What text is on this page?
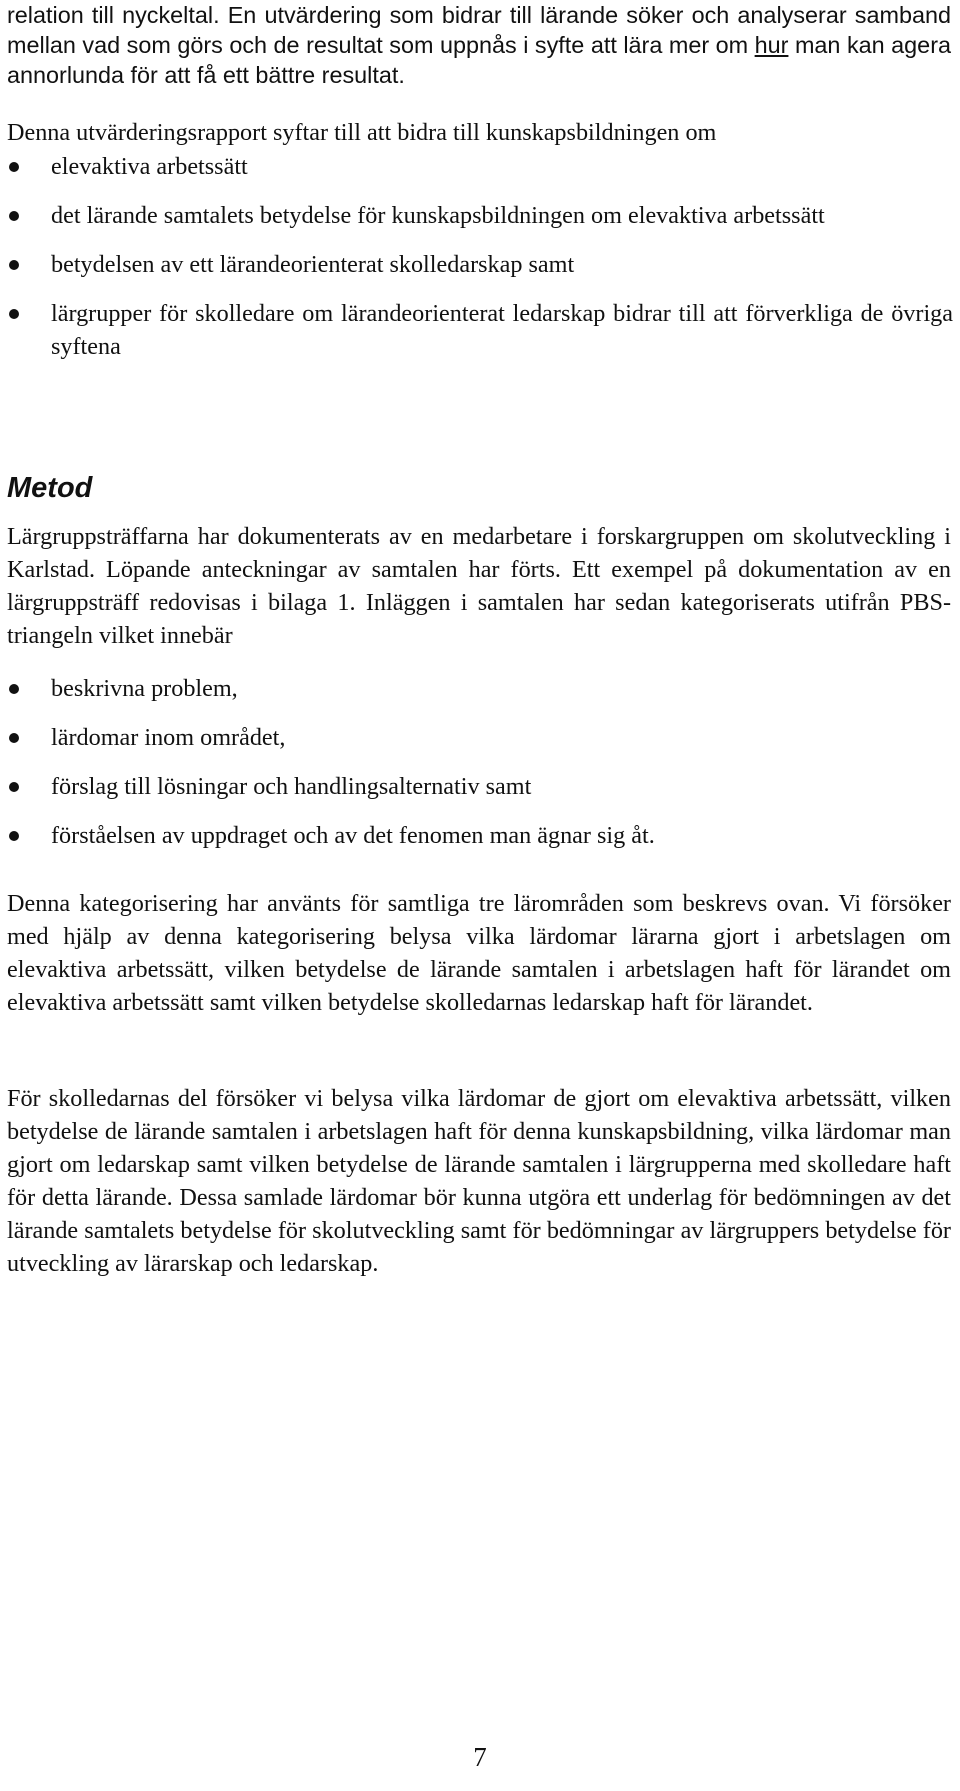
relation till nyckeltal. En utvärdering som bidrar till lärande söker och analyserar samband mellan vad som görs och de resultat som uppnås i syfte att lära mer om hur man kan agera annorlunda för att få ett bättre resultat.

Denna utvärderingsrapport syftar till att bidra till kunskapsbildningen om

elevaktiva arbetssätt
det lärande samtalets betydelse för kunskapsbildningen om elevaktiva arbetssätt
betydelsen av ett lärandeorienterat skolledarskap samt
lärgrupper för skolledare om lärandeorienterat ledarskap bidrar till att förverkliga de övriga syftena
Metod

Lärgruppsträffarna har dokumenterats av en medarbetare i forskargruppen om skolutveckling i Karlstad. Löpande anteckningar av samtalen har förts. Ett exempel på dokumentation av en lärgruppsträff redovisas i bilaga 1. Inläggen i samtalen har sedan kategoriserats utifrån PBS-triangeln vilket innebär

beskrivna problem,
lärdomar inom området,
förslag till lösningar och handlingsalternativ samt
förståelsen av uppdraget och av det fenomen man ägnar sig åt.

Denna kategorisering har använts för samtliga tre lärområden som beskrevs ovan. Vi försöker med hjälp av denna kategorisering belysa vilka lärdomar lärarna gjort i arbetslagen om elevaktiva arbetssätt, vilken betydelse de lärande samtalen i arbetslagen haft för lärandet om elevaktiva arbetssätt samt vilken betydelse skolledarnas ledarskap haft för lärandet.

För skolledarnas del försöker vi belysa vilka lärdomar de gjort om elevaktiva arbetssätt, vilken betydelse de lärande samtalen i arbetslagen haft för denna kunskapsbildning, vilka lärdomar man gjort om ledarskap samt vilken betydelse de lärande samtalen i lärgrupperna med skolledare haft för detta lärande. Dessa samlade lärdomar bör kunna utgöra ett underlag för bedömningen av det lärande samtalets betydelse för skolutveckling samt för bedömningar av lärgruppers betydelse för utveckling av lärarskap och ledarskap.

7
